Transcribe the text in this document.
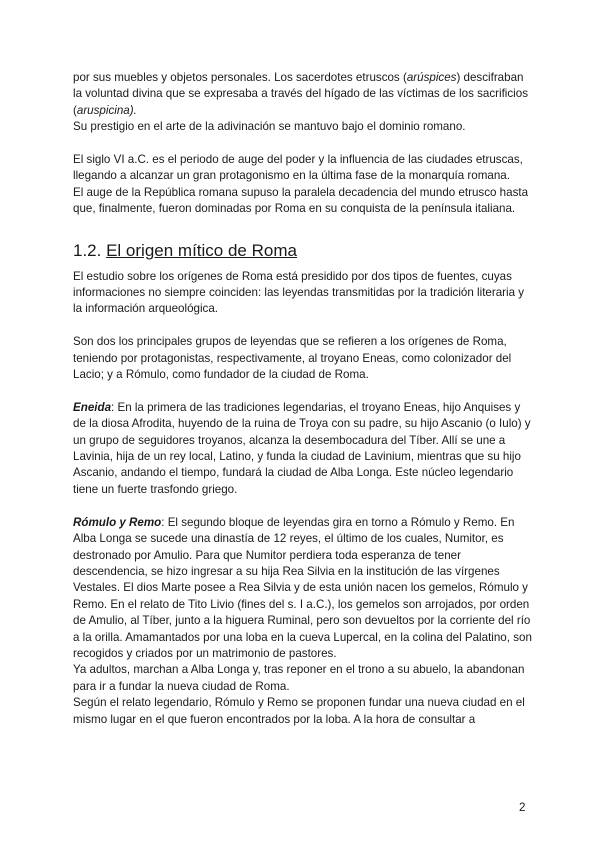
por sus muebles y objetos personales. Los sacerdotes etruscos (arúspices) descifraban la voluntad divina que se expresaba a través del hígado de las víctimas de los sacrificios (aruspicina).

Su prestigio en el arte de la adivinación se mantuvo bajo el dominio romano.

El siglo VI a.C. es el periodo de auge del poder y la influencia de las ciudades etruscas, llegando a alcanzar un gran protagonismo en la última fase de la monarquía romana.

El auge de la República romana supuso la paralela decadencia del mundo etrusco hasta que, finalmente, fueron dominadas por Roma en su conquista de la península italiana.

1.2. El origen mítico de Roma

El estudio sobre los orígenes de Roma está presidido por dos tipos de fuentes, cuyas informaciones no siempre coinciden: las leyendas transmitidas por la tradición literaria y la información arqueológica.

Son dos los principales grupos de leyendas que se refieren a los orígenes de Roma, teniendo por protagonistas, respectivamente, al troyano Eneas, como colonizador del Lacio; y a Rómulo, como fundador de la ciudad de Roma.

Eneida: En la primera de las tradiciones legendarias, el troyano Eneas, hijo Anquises y de la diosa Afrodita, huyendo de la ruina de Troya con su padre, su hijo Ascanio (o Iulo) y un grupo de seguidores troyanos, alcanza la desembocadura del Tíber. Allí se une a Lavinia, hija de un rey local, Latino, y funda la ciudad de Lavinium, mientras que su hijo Ascanio, andando el tiempo, fundará la ciudad de Alba Longa. Este núcleo legendario tiene un fuerte trasfondo griego.

Rómulo y Remo: El segundo bloque de leyendas gira en torno a Rómulo y Remo. En Alba Longa se sucede una dinastía de 12 reyes, el último de los cuales, Numitor, es destronado por Amulio. Para que Numitor perdiera toda esperanza de tener descendencia, se hizo ingresar a su hija Rea Silvia en la institución de las vírgenes Vestales. El dios Marte posee a Rea Silvia y de esta unión nacen los gemelos, Rómulo y Remo. En el relato de Tito Livio (fines del s. I a.C.), los gemelos son arrojados, por orden de Amulio, al Tíber, junto a la higuera Ruminal, pero son devueltos por la corriente del río a la orilla. Amamantados por una loba en la cueva Lupercal, en la colina del Palatino, son recogidos y criados por un matrimonio de pastores.

Ya adultos, marchan a Alba Longa y, tras reponer en el trono a su abuelo, la abandonan para ir a fundar la nueva ciudad de Roma.

Según el relato legendario, Rómulo y Remo se proponen fundar una nueva ciudad en el mismo lugar en el que fueron encontrados por la loba. A la hora de consultar a

2
